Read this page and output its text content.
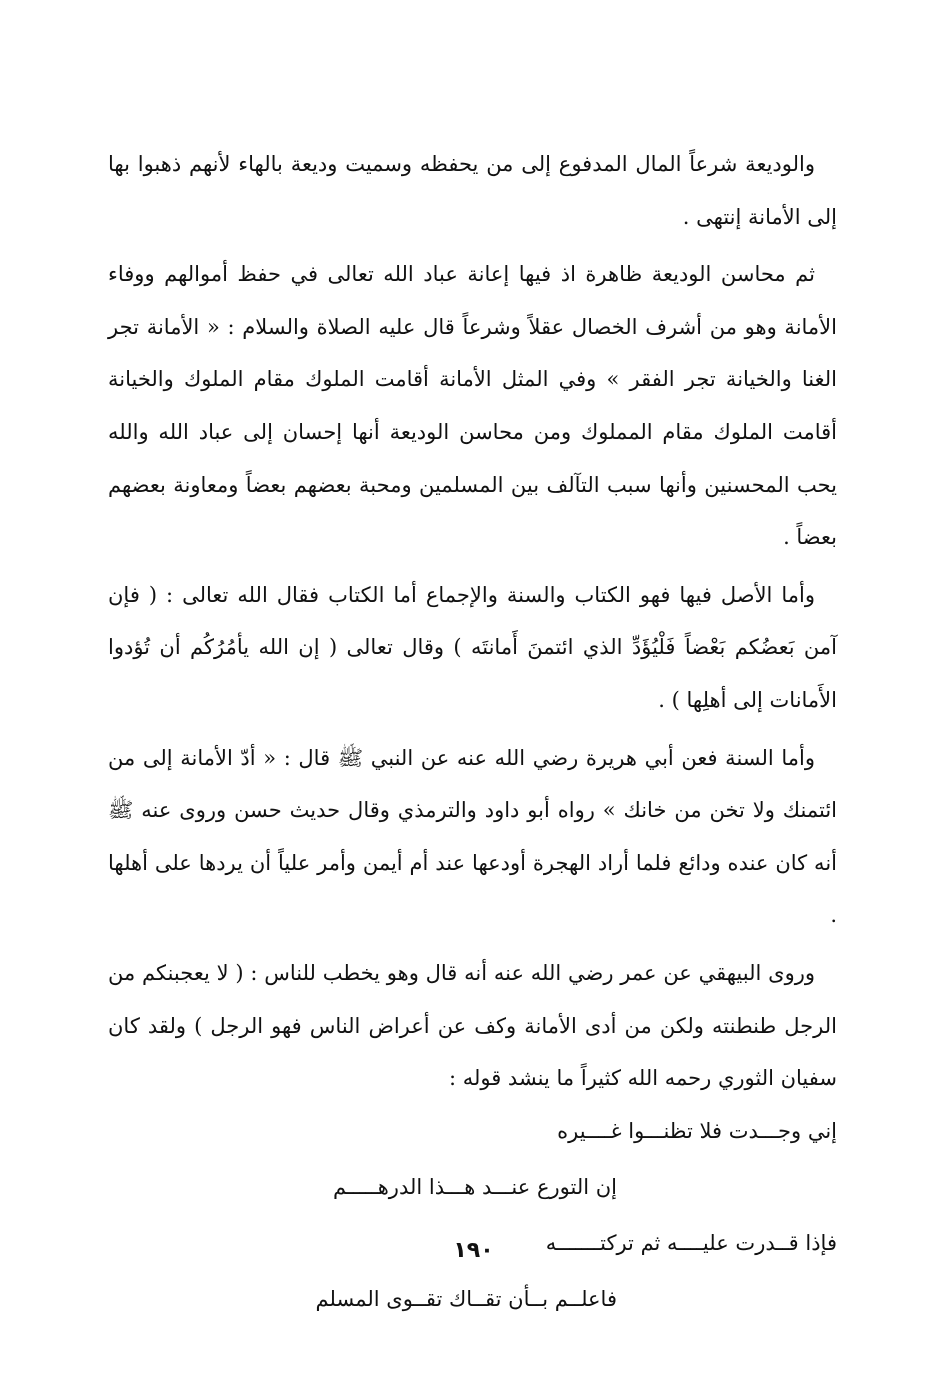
والوديعة شرعاً المال المدفوع إلى من يحفظه وسميت وديعة بالهاء لأنهم ذهبوا بها إلى الأمانة إنتهى .

ثم محاسن الوديعة ظاهرة اذ فيها إعانة عباد الله تعالى في حفظ أموالهم ووفاء الأمانة وهو من أشرف الخصال عقلاً وشرعاً قال عليه الصلاة والسلام : « الأمانة تجر الغنا والخيانة تجر الفقر » وفي المثل الأمانة أقامت الملوك مقام الملوك والخيانة أقامت الملوك مقام المملوك ومن محاسن الوديعة أنها إحسان إلى عباد الله والله يحب المحسنين وأنها سبب التآلف بين المسلمين ومحبة بعضهم بعضاً ومعاونة بعضهم بعضاً .

وأما الأصل فيها فهو الكتاب والسنة والإجماع أما الكتاب فقال الله تعالى : ( فإن آمن بَعضُكم بَعْضاً فَلْيُؤَدِّ الذي ائتمنَ أَمانتَه ) وقال تعالى ( إن الله يأمُرُكُم أن تُؤدوا الأَمانات إلى أهلِها ) .

وأما السنة فعن أبي هريرة رضي الله عنه عن النبي ﷺ قال : « أدّ الأمانة إلى من ائتمنك ولا تخن من خانك » رواه أبو داود والترمذي وقال حديث حسن وروى عنه ﷺ أنه كان عنده ودائع فلما أراد الهجرة أودعها عند أم أيمن وأمر علياً أن يردها على أهلها .

وروى البيهقي عن عمر رضي الله عنه أنه قال وهو يخطب للناس : ( لا يعجبنكم من الرجل طنطنته ولكن من أدى الأمانة وكف عن أعراض الناس فهو الرجل ) ولقد كان سفيان الثوري رحمه الله كثيراً ما ينشد قوله :

إني وجـــدت فلا تظنـــوا غــــيره
إن التورع عنـــد هـــذا الدرهـــــم
فإذا قــدرت عليــــه ثم تركتـــــــه
فاعلــم بــأن تقــاك تقــوى المسلم
١٩٠
